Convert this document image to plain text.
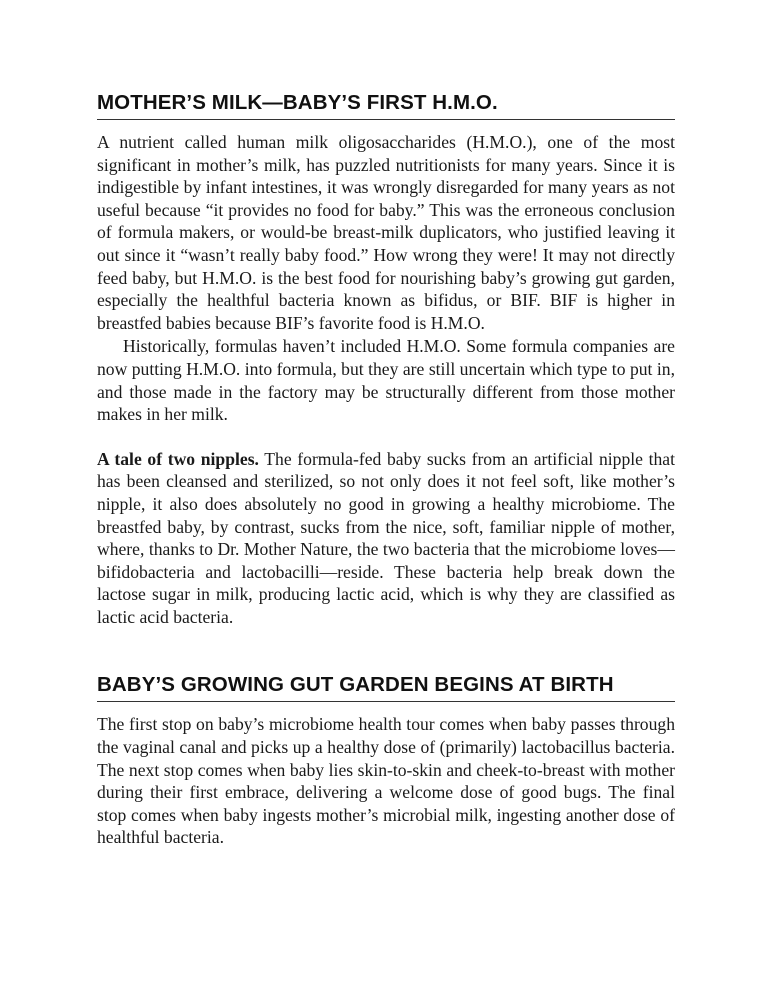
MOTHER’S MILK—BABY’S FIRST H.M.O.

A nutrient called human milk oligosaccharides (H.M.O.), one of the most significant in mother’s milk, has puzzled nutritionists for many years. Since it is indigestible by infant intestines, it was wrongly disregarded for many years as not useful because “it provides no food for baby.” This was the erroneous conclusion of formula makers, or would-be breast-milk duplicators, who justified leaving it out since it “wasn’t really baby food.” How wrong they were! It may not directly feed baby, but H.M.O. is the best food for nourishing baby’s growing gut garden, especially the healthful bacteria known as bifidus, or BIF. BIF is higher in breastfed babies because BIF’s favorite food is H.M.O.

Historically, formulas haven’t included H.M.O. Some formula companies are now putting H.M.O. into formula, but they are still uncertain which type to put in, and those made in the factory may be structurally different from those mother makes in her milk.

A tale of two nipples. The formula-fed baby sucks from an artificial nipple that has been cleansed and sterilized, so not only does it not feel soft, like mother’s nipple, it also does absolutely no good in growing a healthy microbiome. The breastfed baby, by contrast, sucks from the nice, soft, familiar nipple of mother, where, thanks to Dr. Mother Nature, the two bacteria that the microbiome loves—bifidobacteria and lactobacilli—reside. These bacteria help break down the lactose sugar in milk, producing lactic acid, which is why they are classified as lactic acid bacteria.

BABY’S GROWING GUT GARDEN BEGINS AT BIRTH

The first stop on baby’s microbiome health tour comes when baby passes through the vaginal canal and picks up a healthy dose of (primarily) lactobacillus bacteria. The next stop comes when baby lies skin-to-skin and cheek-to-breast with mother during their first embrace, delivering a welcome dose of good bugs. The final stop comes when baby ingests mother’s microbial milk, ingesting another dose of healthful bacteria.
